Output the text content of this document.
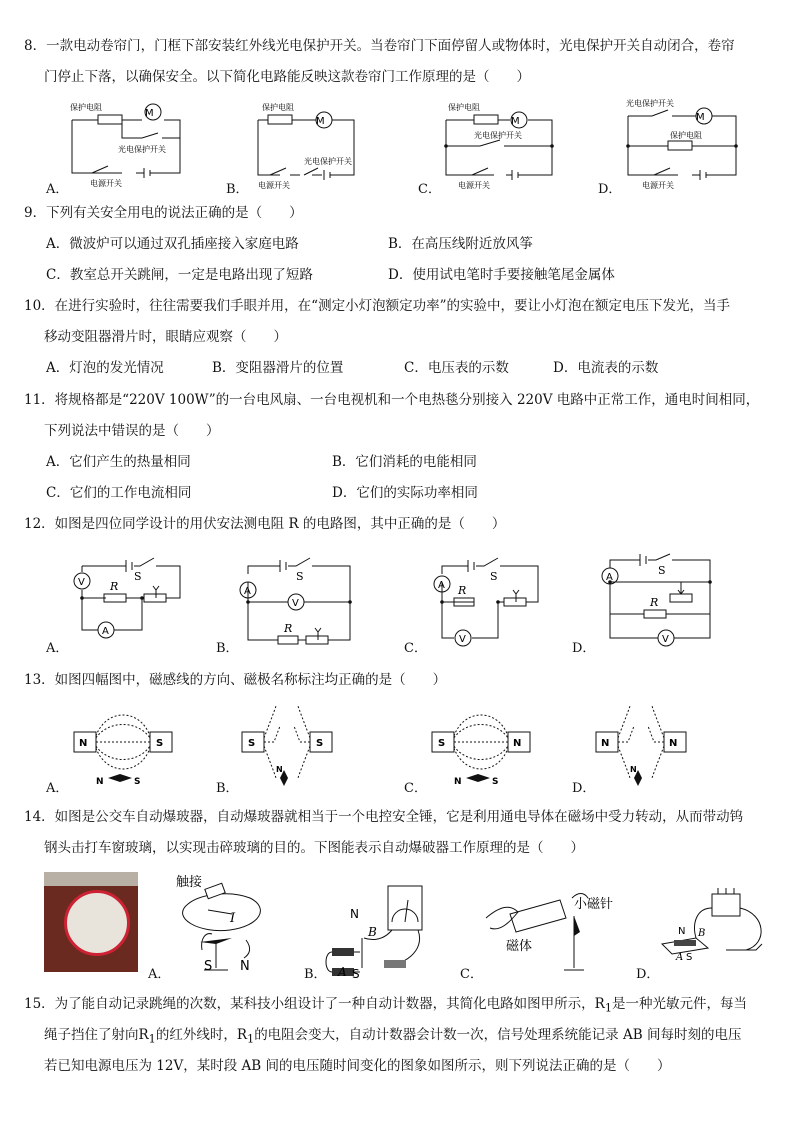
8．一款电动卷帘门，门框下部安装红外线光电保护开关。当卷帘门下面停留人或物体时，光电保护开关自动闭合，卷帘
门停止下落，以确保安全。以下简化电路能反映这款卷帘门工作原理的是（　　）
M
保护电阻
光电保护开关
电源开关
A．
M
保护电阻
光电保护开关
电源开关
B．
M
保护电阻
光电保护开关
电源开关
C．
M
光电保护开关
保护电阻
电源开关
D．
9．下列有关安全用电的说法正确的是（　　）
A．微波炉可以通过双孔插座接入家庭电路	B．在高压线附近放风筝
C．教室总开关跳闸，一定是电路出现了短路	D．使用试电笔时手要接触笔尾金属体
10．在进行实验时，往往需要我们手眼并用，在“测定小灯泡额定功率”的实验中，要让小灯泡在额定电压下发光，当手
移动变阻器滑片时，眼睛应观察（　　）
A．灯泡的发光情况	B．变阻器滑片的位置	C．电压表的示数	D．电流表的示数
11．将规格都是“220V 100W”的一台电风扇、一台电视机和一个电热毯分别接入 220V 电路中正常工作，通电时间相同，
下列说法中错误的是（　　）
A．它们产生的热量相同	B．它们消耗的电能相同
C．它们的工作电流相同	D．它们的实际功率相同
12．如图是四位同学设计的用伏安法测电阻 R 的电路图，其中正确的是（　　）
V
A
S
R
A．
A
V
S
R
B．
A
V
S
R
C．
A
V
S
R
D．
13．如图四幅图中，磁感线的方向、磁极名称标注均正确的是（　　）
N	S
N	S
A．
S	S
N
B．
S	N
N	S
C．
N	N
N
D．
14．如图是公交车自动爆玻器，自动爆玻器就相当于一个电控安全锤，它是利用通电导体在磁场中受力转动，从而带动钨
钢头击打车窗玻璃，以实现击碎玻璃的目的。下图能表示自动爆破器工作原理的是（　　）
触接
I
S N
A．
N
B
A S
B．
小磁针
磁体
C．
N B
A S
D．
15．为了能自动记录跳绳的次数，某科技小组设计了一种自动计数器，其简化电路如图甲所示，$R_1$是一种光敏元件，每当
绳子挡住了射向$R_1$的红外线时，$R_1$的电阻会变大，自动计数器会计数一次，信号处理系统能记录 AB 间每时刻的电压
若已知电源电压为 12V，某时段 AB 间的电压随时间变化的图象如图所示，则下列说法正确的是（　　）
